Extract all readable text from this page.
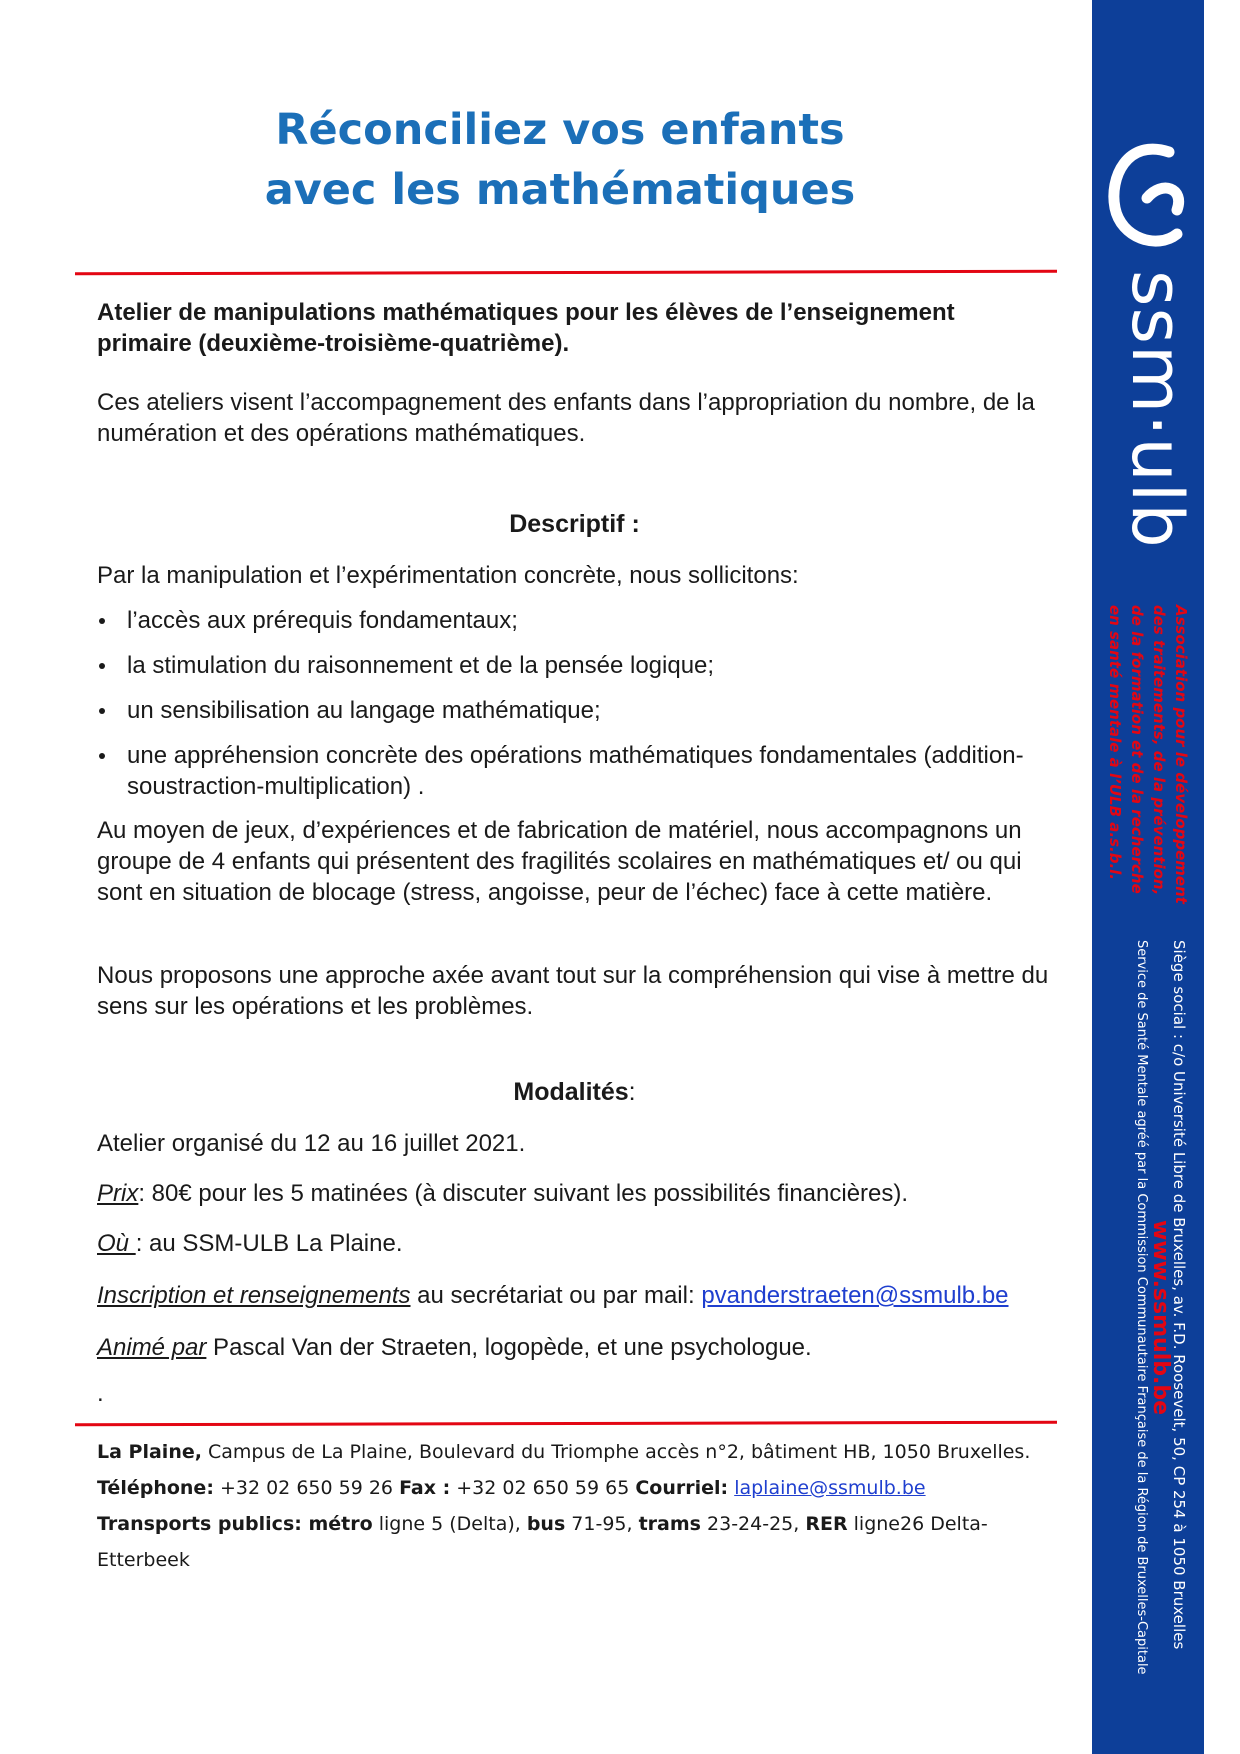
Réconciliez vos enfants
avec les mathématiques

Atelier de manipulations mathématiques pour les élèves de l’enseignement primaire (deuxième-troisième-quatrième).

Ces ateliers visent l’accompagnement des enfants dans l’appropriation du nombre, de la numération et des opérations mathématiques.

Descriptif :

Par la manipulation et l’expérimentation concrète, nous sollicitons:

l’accès aux prérequis fondamentaux;
la stimulation du raisonnement et de la pensée logique;
un sensibilisation au langage mathématique;
une appréhension concrète des opérations mathématiques fondamentales (addition- soustraction-multiplication) .

Au moyen de jeux, d’expériences et de fabrication de matériel, nous accompagnons un groupe de 4 enfants qui présentent des fragilités scolaires en mathématiques et/ ou qui sont en situation de blocage (stress, angoisse, peur de l’échec) face à cette matière.

Nous proposons une approche axée avant tout sur la compréhension qui vise à mettre du sens sur les opérations et les problèmes.

Modalités:

Atelier organisé du 12 au 16 juillet 2021.

Prix: 80€ pour les 5 matinées (à discuter suivant les possibilités financières).

Où : au SSM-ULB La Plaine.

Inscription et renseignements au secrétariat ou par mail: pvanderstraeten@ssmulb.be

Animé par Pascal Van der Straeten, logopède, et une psychologue.

.

La Plaine, Campus de La Plaine, Boulevard du Triomphe accès n°2, bâtiment HB, 1050 Bruxelles.
Téléphone: +32 02 650 59 26 Fax : +32 02 650 59 65 Courriel: laplaine@ssmulb.be
Transports publics: métro ligne 5 (Delta), bus 71-95, trams 23-24-25, RER ligne26 Delta-Etterbeek
ssm·ulb
Association pour le développement
des traitements, de la prévention,
de la formation et de la recherche
en santé mentale à l’ULB a.s.b.l.
Siège social : c/o Université Libre de Bruxelles, av. F.D. Roosevelt, 50, CP 254 à 1050 Bruxelles
www.ssmulb.be
Service de Santé Mentale agréé par la Commission Communautaire Française de la Région de Bruxelles-Capitale
